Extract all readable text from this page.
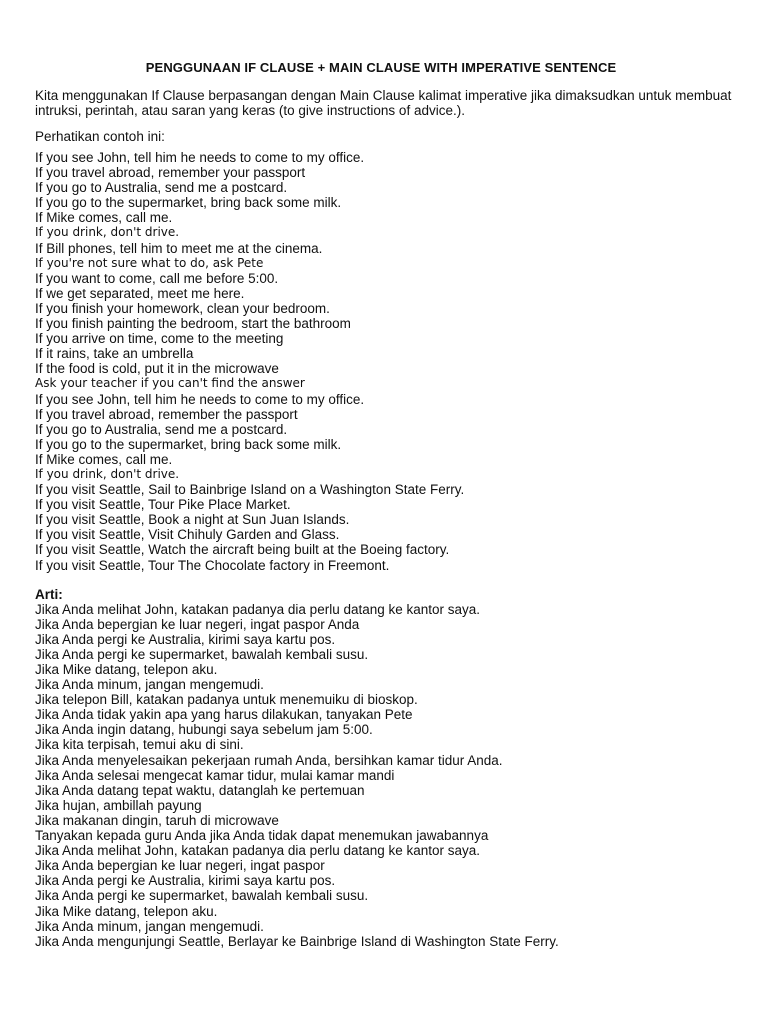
PENGGUNAAN IF CLAUSE + MAIN CLAUSE WITH IMPERATIVE SENTENCE
Kita menggunakan If Clause berpasangan dengan Main Clause kalimat imperative jika dimaksudkan untuk membuat intruksi, perintah, atau saran yang keras (to give instructions of advice.).
Perhatikan contoh ini:
If you see John, tell him he needs to come to my office.
If you travel abroad, remember your passport
If you go to Australia, send me a postcard.
If you go to the supermarket, bring back some milk.
If Mike comes, call me.
If you drink, don't drive.
If Bill phones, tell him to meet me at the cinema.
If you're not sure what to do, ask Pete
If you want to come, call me before 5:00.
If we get separated, meet me here.
If you finish your homework, clean your bedroom.
If you finish painting the bedroom, start the bathroom
If you arrive on time, come to the meeting
If it rains, take an umbrella
If the food is cold, put it in the microwave
Ask your teacher if you can't find the answer
If you see John, tell him he needs to come to my office.
If you travel abroad, remember the passport
If you go to Australia, send me a postcard.
If you go to the supermarket, bring back some milk.
If Mike comes, call me.
If you drink, don't drive.
If you visit Seattle, Sail to Bainbrige Island on a Washington State Ferry.
If you visit Seattle, Tour Pike Place Market.
If you visit Seattle, Book a night at Sun Juan Islands.
If you visit Seattle, Visit Chihuly Garden and Glass.
If you visit Seattle, Watch the aircraft being built at the Boeing factory.
If you visit Seattle, Tour The Chocolate factory in Freemont.
Arti:
Jika Anda melihat John, katakan padanya dia perlu datang ke kantor saya.
Jika Anda bepergian ke luar negeri, ingat paspor Anda
Jika Anda pergi ke Australia, kirimi saya kartu pos.
Jika Anda pergi ke supermarket, bawalah kembali susu.
Jika Mike datang, telepon aku.
Jika Anda minum, jangan mengemudi.
Jika telepon Bill, katakan padanya untuk menemuiku di bioskop.
Jika Anda tidak yakin apa yang harus dilakukan, tanyakan Pete
Jika Anda ingin datang, hubungi saya sebelum jam 5:00.
Jika kita terpisah, temui aku di sini.
Jika Anda menyelesaikan pekerjaan rumah Anda, bersihkan kamar tidur Anda.
Jika Anda selesai mengecat kamar tidur, mulai kamar mandi
Jika Anda datang tepat waktu, datanglah ke pertemuan
Jika hujan, ambillah payung
Jika makanan dingin, taruh di microwave
Tanyakan kepada guru Anda jika Anda tidak dapat menemukan jawabannya
Jika Anda melihat John, katakan padanya dia perlu datang ke kantor saya.
Jika Anda bepergian ke luar negeri, ingat paspor
Jika Anda pergi ke Australia, kirimi saya kartu pos.
Jika Anda pergi ke supermarket, bawalah kembali susu.
Jika Mike datang, telepon aku.
Jika Anda minum, jangan mengemudi.
Jika Anda mengunjungi Seattle, Berlayar ke Bainbrige Island di Washington State Ferry.
